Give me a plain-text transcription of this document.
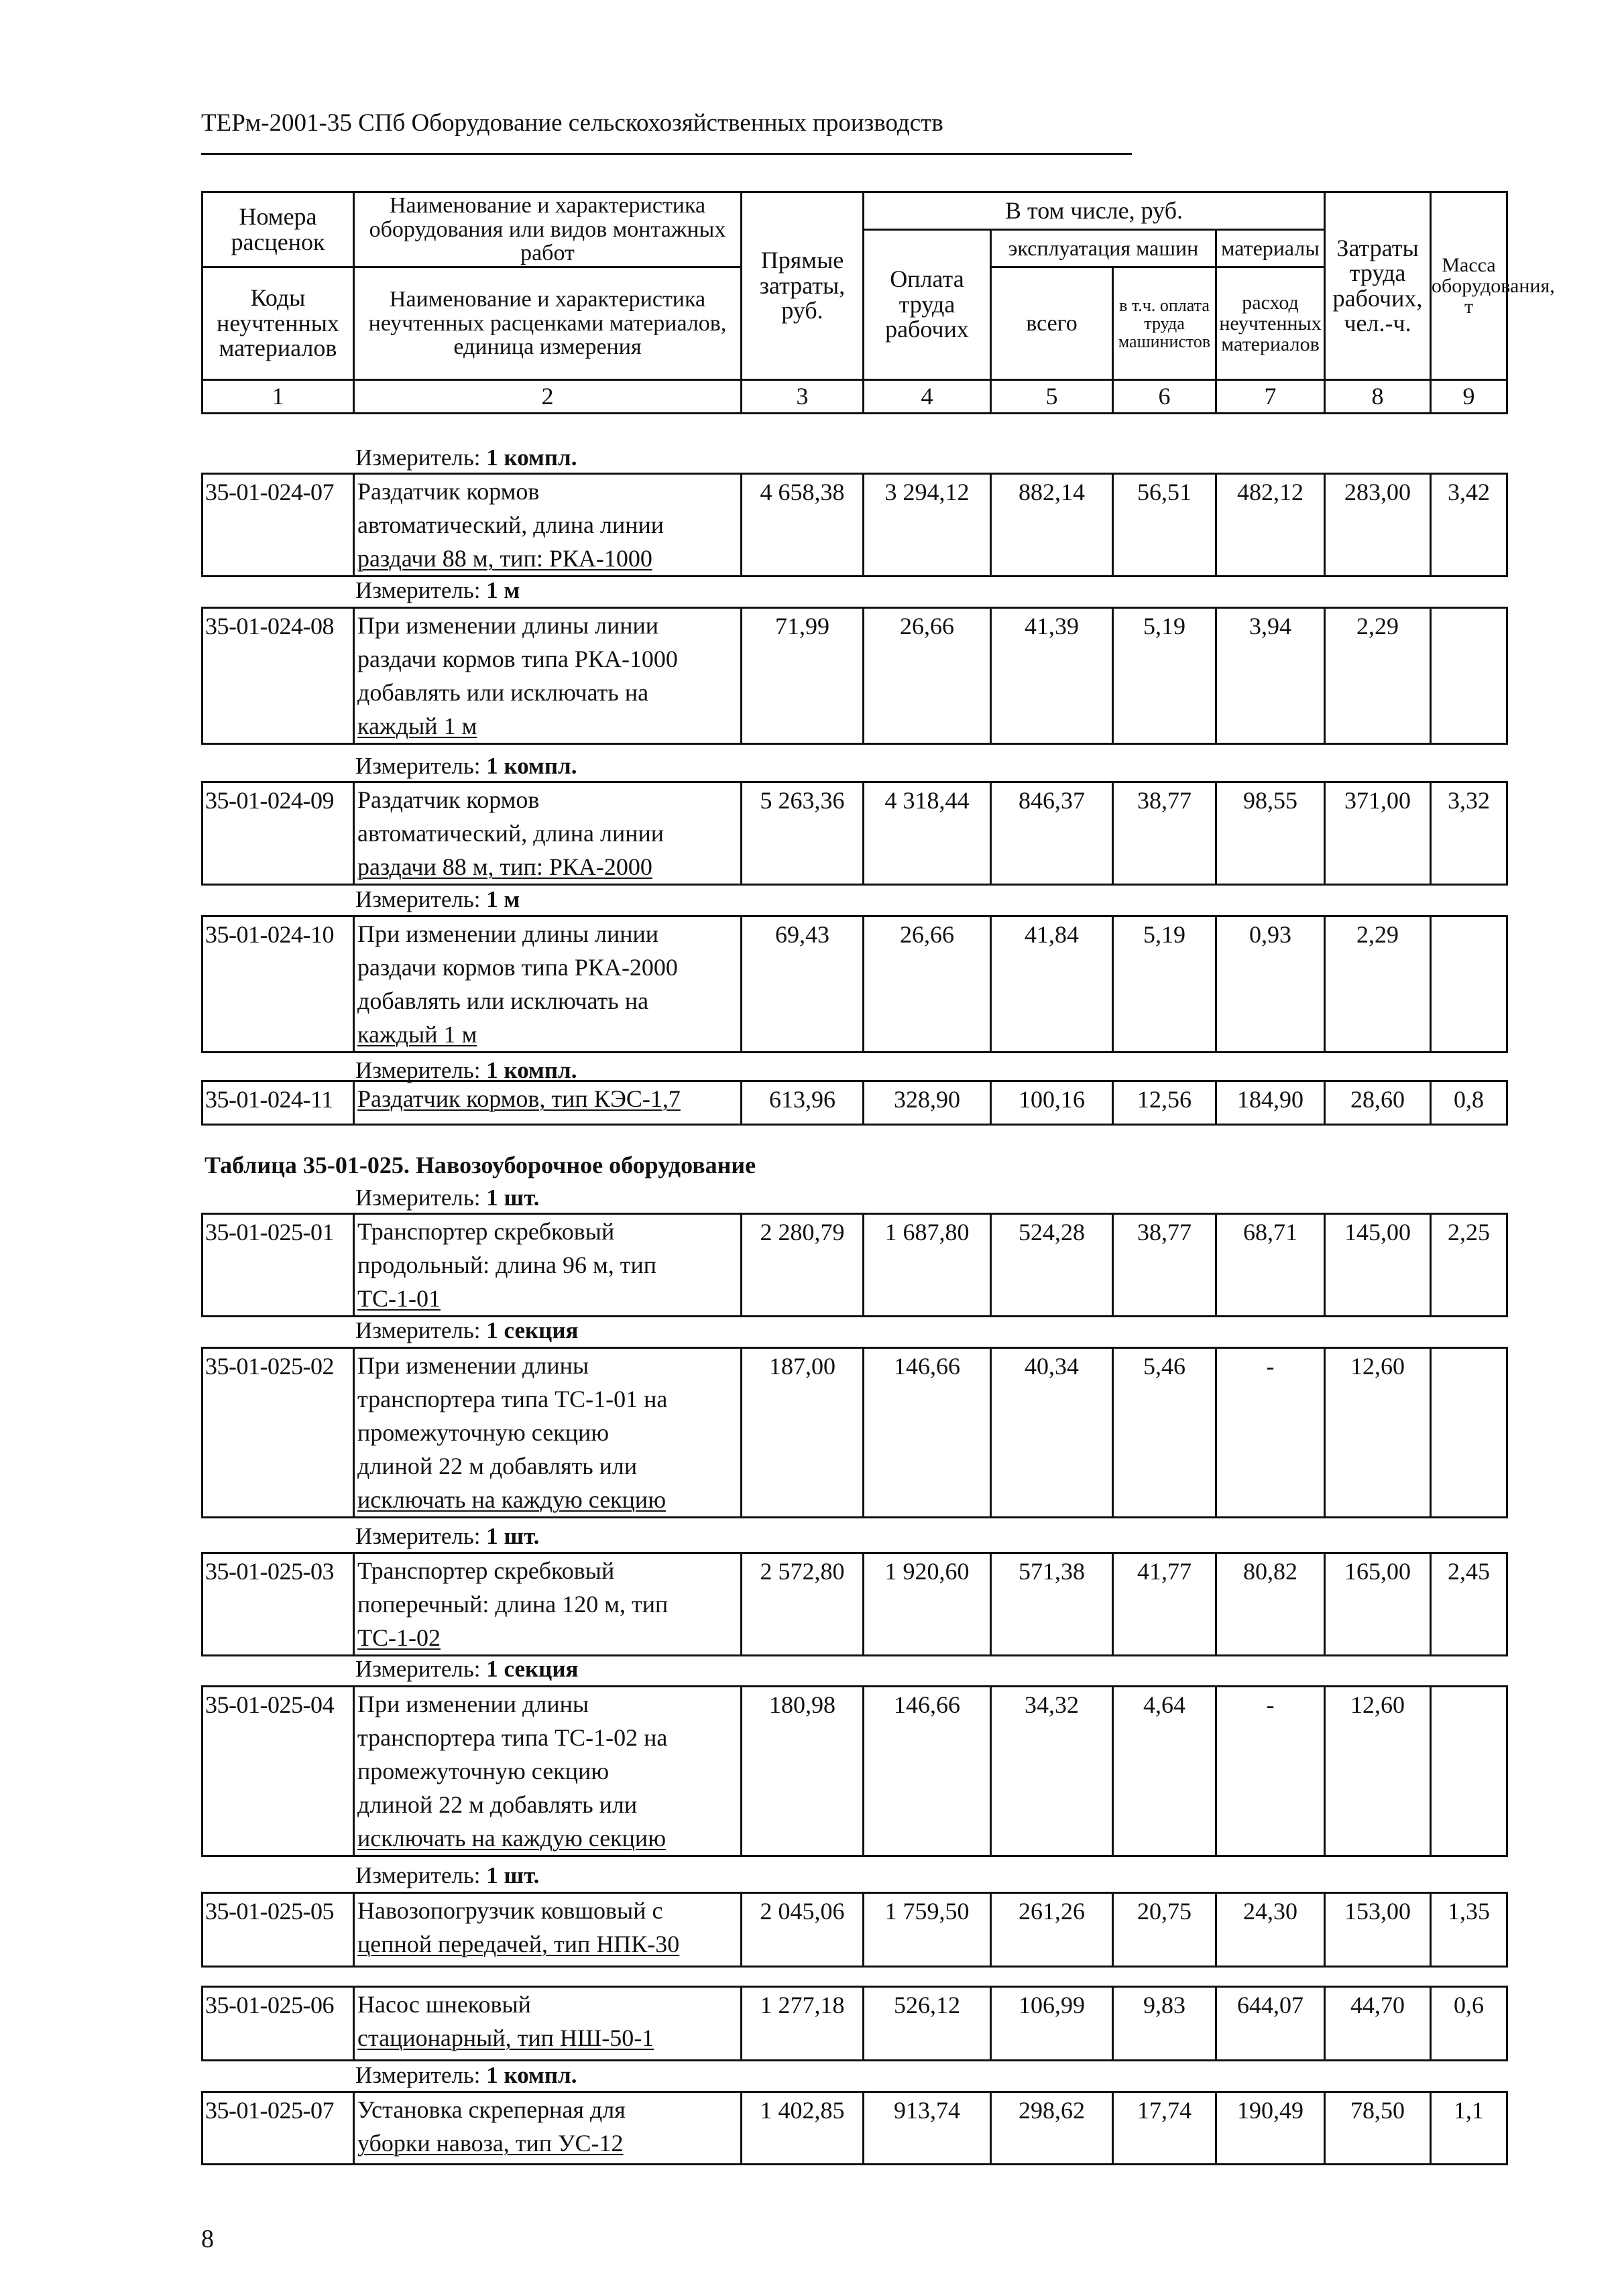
ТЕРм-2001-35 СПб Оборудование сельскохозяйственных производств
Номера расценок	Наименование и характеристика оборудования или видов монтажных работ	Прямые затраты, руб.	В том числе, руб.				Затраты труда рабочих, чел.-ч.	Масса оборудования, т
			Оплата труда рабочих	эксплуатация машин		материалы		
Коды неучтенных материалов	Наименование и характеристика неучтенных расценками материалов, единица измерения			всего	в т.ч. оплата труда машинистов	расход неучтенных материалов		

1	2	3	4	5	6	7	8	9
Таблица 35-01-025. Навозоуборочное оборудование
Измеритель: 1 компл.
35-01-024-07	Раздатчик кормов
автоматический, длина линии
раздачи 88 м, тип: РКА-1000
	4 658,38	3 294,12	882,14	56,51	482,12	283,00	3,42
Измеритель: 1 м
35-01-024-08	При изменении длины линии
раздачи кормов типа РКА-1000
добавлять или исключать на
каждый 1 м
	71,99	26,66	41,39	5,19	3,94	2,29	
Измеритель: 1 компл.
35-01-024-09	Раздатчик кормов
автоматический, длина линии
раздачи 88 м, тип: РКА-2000
	5 263,36	4 318,44	846,37	38,77	98,55	371,00	3,32
Измеритель: 1 м
35-01-024-10	При изменении длины линии
раздачи кормов типа РКА-2000
добавлять или исключать на
каждый 1 м
	69,43	26,66	41,84	5,19	0,93	2,29	
Измеритель: 1 компл.
35-01-024-11	Раздатчик кормов, тип КЭС-1,7	613,96	328,90	100,16	12,56	184,90	28,60	0,8
Измеритель: 1 шт.
35-01-025-01	Транспортер скребковый
продольный: длина 96 м, тип
ТС-1-01
	2 280,79	1 687,80	524,28	38,77	68,71	145,00	2,25
Измеритель: 1 секция
35-01-025-02	При изменении длины
транспортера типа ТС-1-01 на
промежуточную секцию
длиной 22 м добавлять или
исключать на каждую секцию
	187,00	146,66	40,34	5,46	-	12,60	
Измеритель: 1 шт.
35-01-025-03	Транспортер скребковый
поперечный: длина 120 м, тип
ТС-1-02
	2 572,80	1 920,60	571,38	41,77	80,82	165,00	2,45
Измеритель: 1 секция
35-01-025-04	При изменении длины
транспортера типа ТС-1-02 на
промежуточную секцию
длиной 22 м добавлять или
исключать на каждую секцию
	180,98	146,66	34,32	4,64	-	12,60	
Измеритель: 1 шт.
35-01-025-05	Навозопогрузчик ковшовый с
цепной передачей, тип НПК-30
	2 045,06	1 759,50	261,26	20,75	24,30	153,00	1,35
35-01-025-06	Насос шнековый
стационарный, тип НШ-50-1
	1 277,18	526,12	106,99	9,83	644,07	44,70	0,6
Измеритель: 1 компл.
35-01-025-07	Установка скреперная для
уборки навоза, тип УС-12
	1 402,85	913,74	298,62	17,74	190,49	78,50	1,1
8
